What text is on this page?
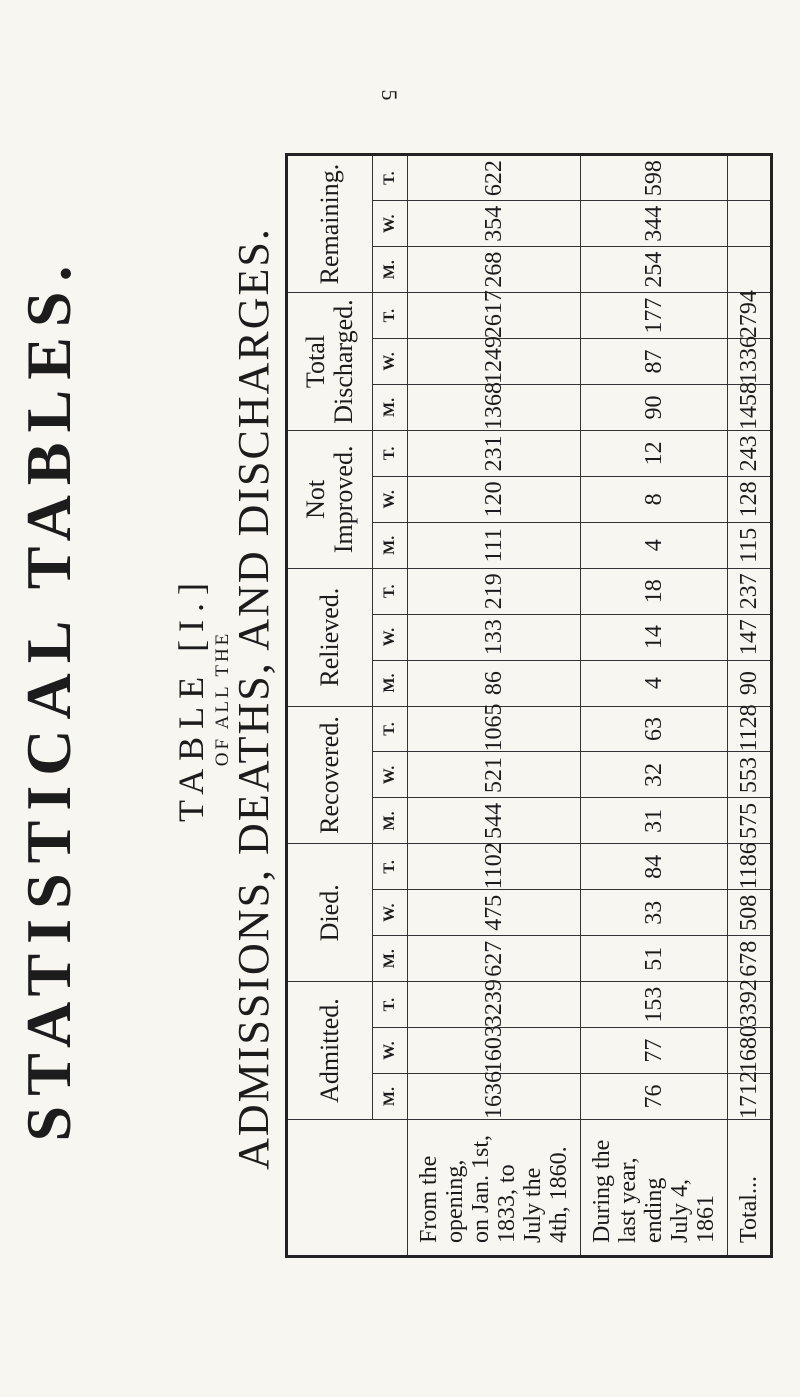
5
STATISTICAL TABLES. TABLE [I.] OF ALL THE
ADMISSIONS, DEATHS, AND DISCHARGES.
	Admitted.			Died.			Recovered.			Relieved.			Not Improved.			Total Discharged.			Remaining.		
	M.	W.	T.	M.	W.	T.	M.	W.	T.	M.	W.	T.	M.	W.	T.	M.	W.	T.	M.	W.	T.
From the opening, on Jan. 1st, 1833, to July the 4th, 1860.	1636	1603	3239	627	475	1102	544	521	1065	86	133	219	111	120	231	1368	1249	2617	268	354	622
During the last year, ending July 4, 1861	76	77	153	51	33	84	31	32	63	4	14	18	4	8	12	90	87	177	254	344	598
Total...	1712	1680	3392	678	508	1186	575	553	1128	90	147	237	115	128	243	1458	1336	2794			
